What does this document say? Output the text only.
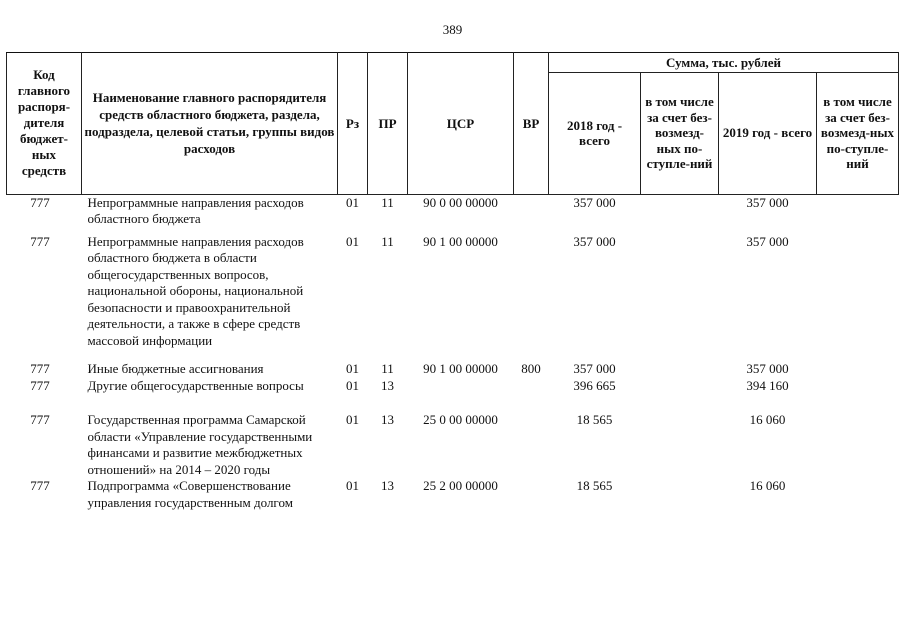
389
Код главного распоря-дителя бюджет-ных средств	Наименование главного распорядителя средств областного бюджета, раздела, подраздела, целевой статьи, группы видов расходов	Рз	ПР	ЦСР	ВР	Сумма, тыс. рублей			
						2018 год - всего	в том числе за счет без-возмезд-ных по-ступле-ний	2019 год - всего	в том числе за счет без-возмезд-ных по-ступле-ний
777	Непрограммные направления расходов областного бюджета	01	11	90 0 00 00000		357 000		357 000	

777	Непрограммные направления расходов областного бюджета в области общегосударственных вопросов, национальной обороны, национальной безопасности и правоохранительной деятельности, а также в сфере средств массовой информации	01	11	90 1 00 00000		357 000		357 000	

777	Иные бюджетные ассигнования	01	11	90 1 00 00000	800	357 000		357 000	
777	Другие общегосударственные вопросы	01	13			396 665		394 160	

777	Государственная программа Самарской области «Управление государственными финансами и развитие межбюджетных отношений» на 2014 – 2020 годы	01	13	25 0 00 00000		18 565		16 060	
777	Подпрограмма «Совершенствование управления государственным долгом	01	13	25 2 00 00000		18 565		16 060	
